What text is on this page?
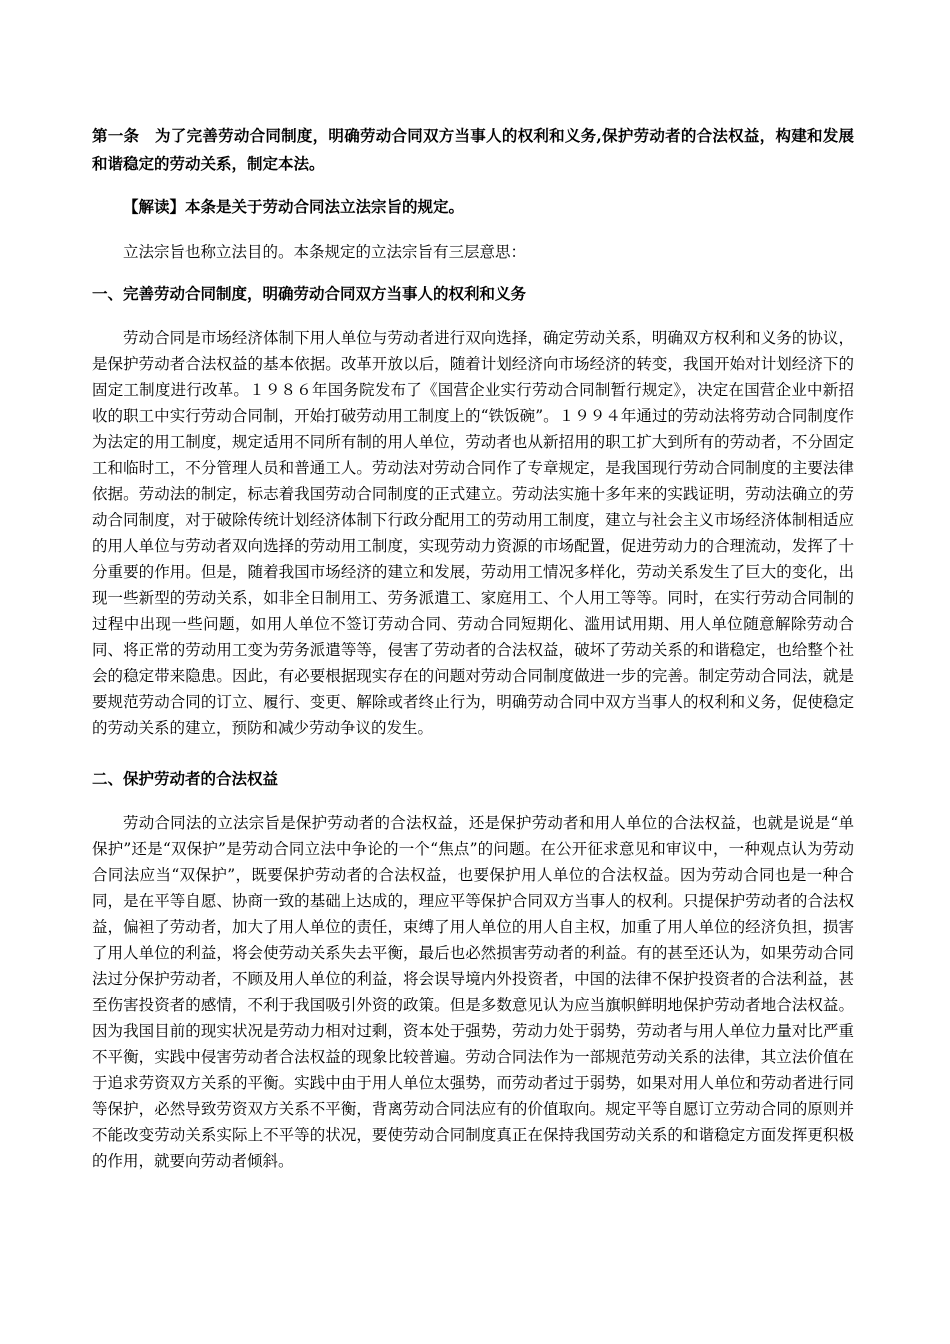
第一条　为了完善劳动合同制度，明确劳动合同双方当事人的权利和义务,保护劳动者的合法权益，构建和发展和谐稳定的劳动关系，制定本法。

【解读】本条是关于劳动合同法立法宗旨的规定。

立法宗旨也称立法目的。本条规定的立法宗旨有三层意思：

一、完善劳动合同制度，明确劳动合同双方当事人的权利和义务

劳动合同是市场经济体制下用人单位与劳动者进行双向选择，确定劳动关系，明确双方权利和义务的协议，是保护劳动者合法权益的基本依据。改革开放以后，随着计划经济向市场经济的转变，我国开始对计划经济下的固定工制度进行改革。１９８６年国务院发布了《国营企业实行劳动合同制暂行规定》，决定在国营企业中新招收的职工中实行劳动合同制，开始打破劳动用工制度上的“铁饭碗”。１９９４年通过的劳动法将劳动合同制度作为法定的用工制度，规定适用不同所有制的用人单位，劳动者也从新招用的职工扩大到所有的劳动者，不分固定工和临时工，不分管理人员和普通工人。劳动法对劳动合同作了专章规定，是我国现行劳动合同制度的主要法律依据。劳动法的制定，标志着我国劳动合同制度的正式建立。劳动法实施十多年来的实践证明，劳动法确立的劳动合同制度，对于破除传统计划经济体制下行政分配用工的劳动用工制度，建立与社会主义市场经济体制相适应的用人单位与劳动者双向选择的劳动用工制度，实现劳动力资源的市场配置，促进劳动力的合理流动，发挥了十分重要的作用。但是，随着我国市场经济的建立和发展，劳动用工情况多样化，劳动关系发生了巨大的变化，出现一些新型的劳动关系，如非全日制用工、劳务派遣工、家庭用工、个人用工等等。同时，在实行劳动合同制的过程中出现一些问题，如用人单位不签订劳动合同、劳动合同短期化、滥用试用期、用人单位随意解除劳动合同、将正常的劳动用工变为劳务派遣等等，侵害了劳动者的合法权益，破坏了劳动关系的和谐稳定，也给整个社会的稳定带来隐患。因此，有必要根据现实存在的问题对劳动合同制度做进一步的完善。制定劳动合同法，就是要规范劳动合同的订立、履行、变更、解除或者终止行为，明确劳动合同中双方当事人的权利和义务，促使稳定的劳动关系的建立，预防和减少劳动争议的发生。

二、保护劳动者的合法权益

劳动合同法的立法宗旨是保护劳动者的合法权益，还是保护劳动者和用人单位的合法权益，也就是说是“单保护”还是“双保护”是劳动合同立法中争论的一个“焦点”的问题。在公开征求意见和审议中，一种观点认为劳动合同法应当“双保护”，既要保护劳动者的合法权益，也要保护用人单位的合法权益。因为劳动合同也是一种合同，是在平等自愿、协商一致的基础上达成的，理应平等保护合同双方当事人的权利。只提保护劳动者的合法权益，偏袒了劳动者，加大了用人单位的责任，束缚了用人单位的用人自主权，加重了用人单位的经济负担，损害了用人单位的利益，将会使劳动关系失去平衡，最后也必然损害劳动者的利益。有的甚至还认为，如果劳动合同法过分保护劳动者，不顾及用人单位的利益，将会误导境内外投资者，中国的法律不保护投资者的合法利益，甚至伤害投资者的感情，不利于我国吸引外资的政策。但是多数意见认为应当旗帜鲜明地保护劳动者地合法权益。因为我国目前的现实状况是劳动力相对过剩，资本处于强势，劳动力处于弱势，劳动者与用人单位力量对比严重不平衡，实践中侵害劳动者合法权益的现象比较普遍。劳动合同法作为一部规范劳动关系的法律，其立法价值在于追求劳资双方关系的平衡。实践中由于用人单位太强势，而劳动者过于弱势，如果对用人单位和劳动者进行同等保护，必然导致劳资双方关系不平衡，背离劳动合同法应有的价值取向。规定平等自愿订立劳动合同的原则并不能改变劳动关系实际上不平等的状况，要使劳动合同制度真正在保持我国劳动关系的和谐稳定方面发挥更积极的作用，就要向劳动者倾斜。
